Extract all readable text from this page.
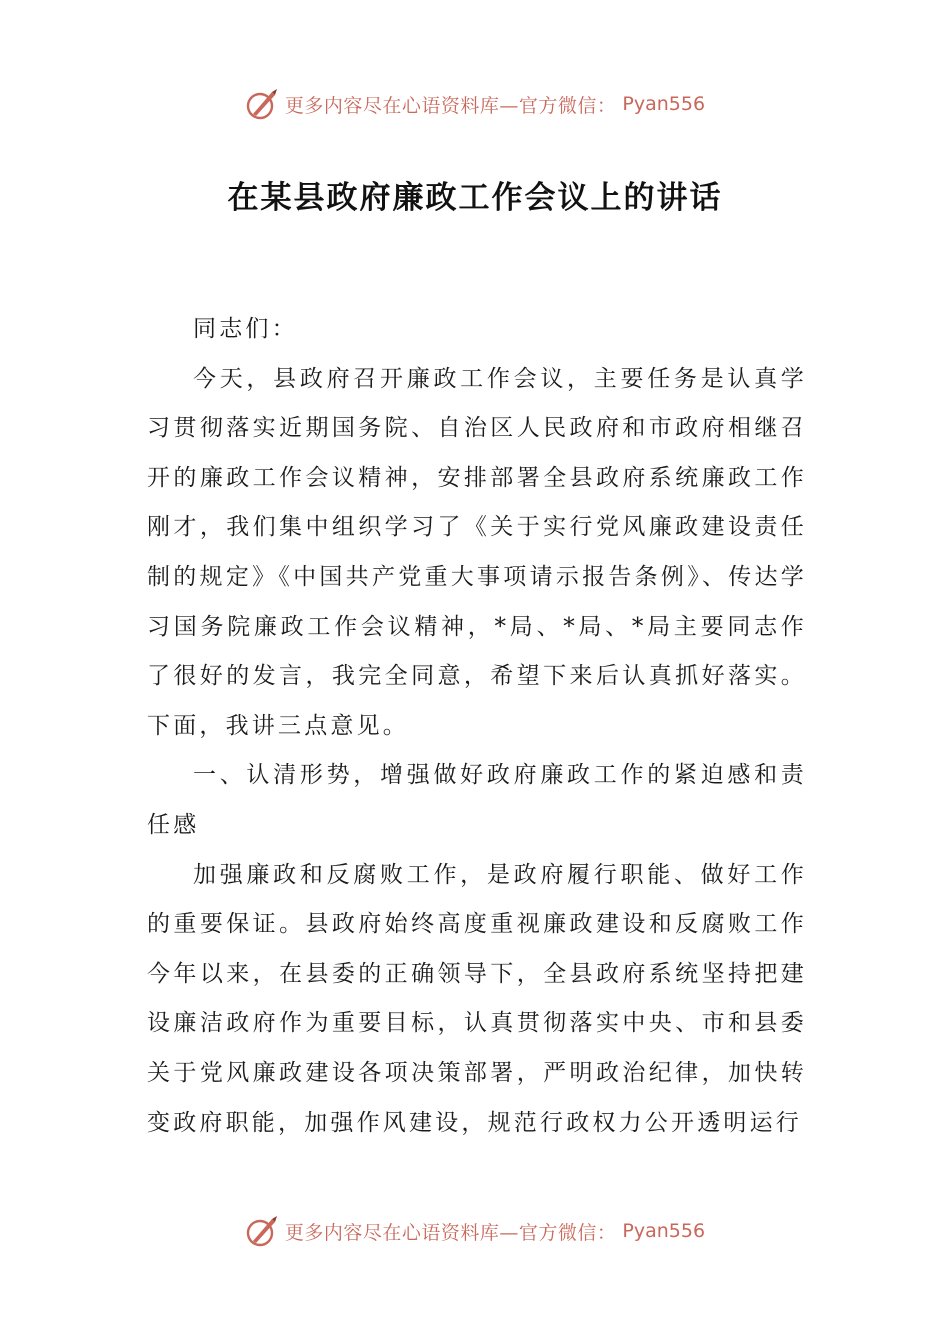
更多内容尽在心语资料库—官方微信： Pyan556
在某县政府廉政工作会议上的讲话

同志们：

今天，县政府召开廉政工作会议，主要任务是认真学习贯彻落实近期国务院、自治区人民政府和市政府相继召开的廉政工作会议精神，安排部署全县政府系统廉政工作刚才，我们集中组织学习了《关于实行党风廉政建设责任制的规定》《中国共产党重大事项请示报告条例》、传达学习国务院廉政工作会议精神，*局、*局、*局主要同志作了很好的发言，我完全同意，希望下来后认真抓好落实。下面，我讲三点意见。

一、认清形势，增强做好政府廉政工作的紧迫感和责任感

加强廉政和反腐败工作，是政府履行职能、做好工作的重要保证。县政府始终高度重视廉政建设和反腐败工作今年以来，在县委的正确领导下，全县政府系统坚持把建设廉洁政府作为重要目标，认真贯彻落实中央、市和县委关于党风廉政建设各项决策部署，严明政治纪律，加快转变政府职能，加强作风建设，规范行政权力公开透明运行

更多内容尽在心语资料库—官方微信： Pyan556
